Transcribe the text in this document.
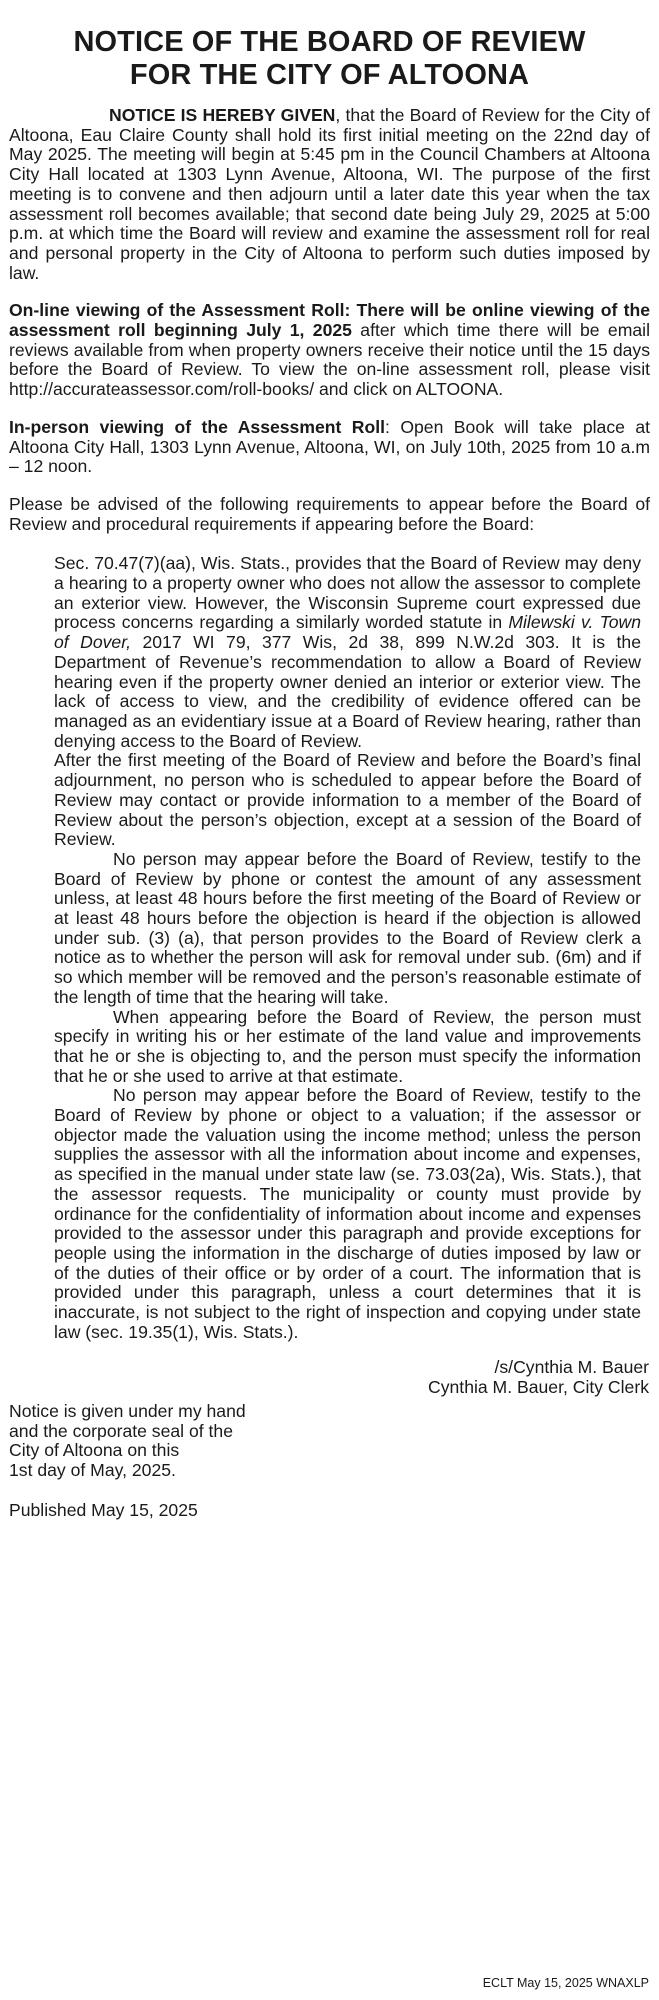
NOTICE OF THE BOARD OF REVIEW
FOR THE CITY OF ALTOONA

NOTICE IS HEREBY GIVEN, that the Board of Review for the City of Altoona, Eau Claire County shall hold its first initial meeting on the 22nd day of May 2025. The meeting will begin at 5:45 pm in the Council Chambers at Altoona City Hall located at 1303 Lynn Avenue, Altoona, WI. The purpose of the first meeting is to convene and then adjourn until a later date this year when the tax assessment roll becomes available; that second date being July 29, 2025 at 5:00 p.m. at which time the Board will review and examine the assessment roll for real and personal property in the City of Altoona to perform such duties imposed by law.

On-line viewing of the Assessment Roll: There will be online viewing of the assessment roll beginning July 1, 2025 after which time there will be email reviews available from when property owners receive their notice until the 15 days before the Board of Review. To view the on-line assessment roll, please visit http://accurateassessor.com/roll-books/ and click on ALTOONA.

In-person viewing of the Assessment Roll: Open Book will take place at Altoona City Hall, 1303 Lynn Avenue, Altoona, WI, on July 10th, 2025 from 10 a.m – 12 noon.

Please be advised of the following requirements to appear before the Board of Review and procedural requirements if appearing before the Board:

Sec. 70.47(7)(aa), Wis. Stats., provides that the Board of Review may deny a hearing to a property owner who does not allow the assessor to complete an exterior view. However, the Wisconsin Supreme court expressed due process concerns regarding a similarly worded statute in Milewski v. Town of Dover, 2017 WI 79, 377 Wis, 2d 38, 899 N.W.2d 303. It is the Department of Revenue’s recommendation to allow a Board of Review hearing even if the property owner denied an interior or exterior view. The lack of access to view, and the credibility of evidence offered can be managed as an evidentiary issue at a Board of Review hearing, rather than denying access to the Board of Review.

After the first meeting of the Board of Review and before the Board’s final adjournment, no person who is scheduled to appear before the Board of Review may contact or provide information to a member of the Board of Review about the person’s objection, except at a session of the Board of Review.

No person may appear before the Board of Review, testify to the Board of Review by phone or contest the amount of any assessment unless, at least 48 hours before the first meeting of the Board of Review or at least 48 hours before the objection is heard if the objection is allowed under sub. (3) (a), that person provides to the Board of Review clerk a notice as to whether the person will ask for removal under sub. (6m) and if so which member will be removed and the person’s reasonable estimate of the length of time that the hearing will take.

When appearing before the Board of Review, the person must specify in writing his or her estimate of the land value and improvements that he or she is objecting to, and the person must specify the information that he or she used to arrive at that estimate.

No person may appear before the Board of Review, testify to the Board of Review by phone or object to a valuation; if the assessor or objector made the valuation using the income method; unless the person supplies the assessor with all the information about income and expenses, as specified in the manual under state law (se. 73.03(2a), Wis. Stats.), that the assessor requests. The municipality or county must provide by ordinance for the confidentiality of information about income and expenses provided to the assessor under this paragraph and provide exceptions for people using the information in the discharge of duties imposed by law or of the duties of their office or by order of a court. The information that is provided under this paragraph, unless a court determines that it is inaccurate, is not subject to the right of inspection and copying under state law (sec. 19.35(1), Wis. Stats.).

/s/Cynthia M. Bauer
Cynthia M. Bauer, City Clerk
Notice is given under my hand
and the corporate seal of the
City of Altoona on this
1st day of May, 2025.
Published May 15, 2025
ECLT May 15, 2025 WNAXLP
